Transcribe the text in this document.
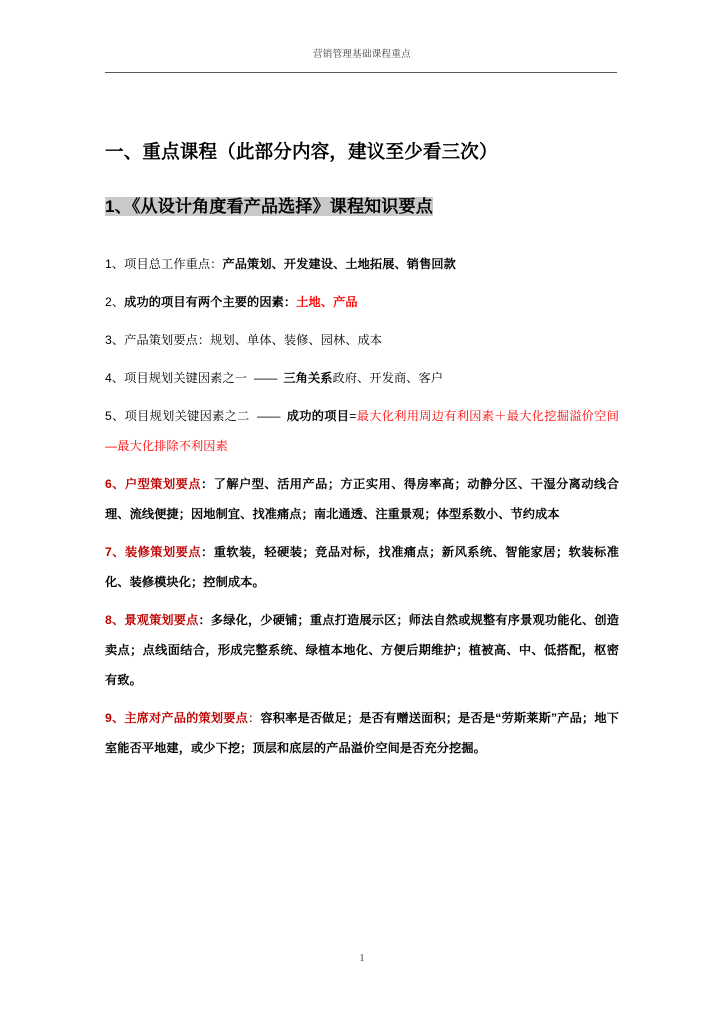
营销管理基础课程重点
一、重点课程（此部分内容，建议至少看三次）
1、《从设计角度看产品选择》课程知识要点

1、项目总工作重点：产品策划、开发建设、土地拓展、销售回款

2、成功的项目有两个主要的因素：土地、产品

3、产品策划要点：规划、单体、装修、园林、成本

4、项目规划关键因素之一 —— 三角关系政府、开发商、客户

5、项目规划关键因素之二 —— 成功的项目=最大化利用周边有利因素＋最大化挖掘溢价空间—最大化排除不利因素

6、户型策划要点：了解户型、活用产品；方正实用、得房率高；动静分区、干湿分离动线合理、流线便捷；因地制宜、找准痛点；南北通透、注重景观；体型系数小、节约成本

7、装修策划要点：重软装，轻硬装；竞品对标，找准痛点；新风系统、智能家居；软装标准化、装修模块化；控制成本。

8、景观策划要点：多绿化，少硬铺；重点打造展示区；师法自然或规整有序景观功能化、创造卖点；点线面结合，形成完整系统、绿植本地化、方便后期维护；植被高、中、低搭配，枢密有致。

9、主席对产品的策划要点：容积率是否做足；是否有赠送面积；是否是“劳斯莱斯”产品；地下室能否平地建，或少下挖；顶层和底层的产品溢价空间是否充分挖掘。

1
